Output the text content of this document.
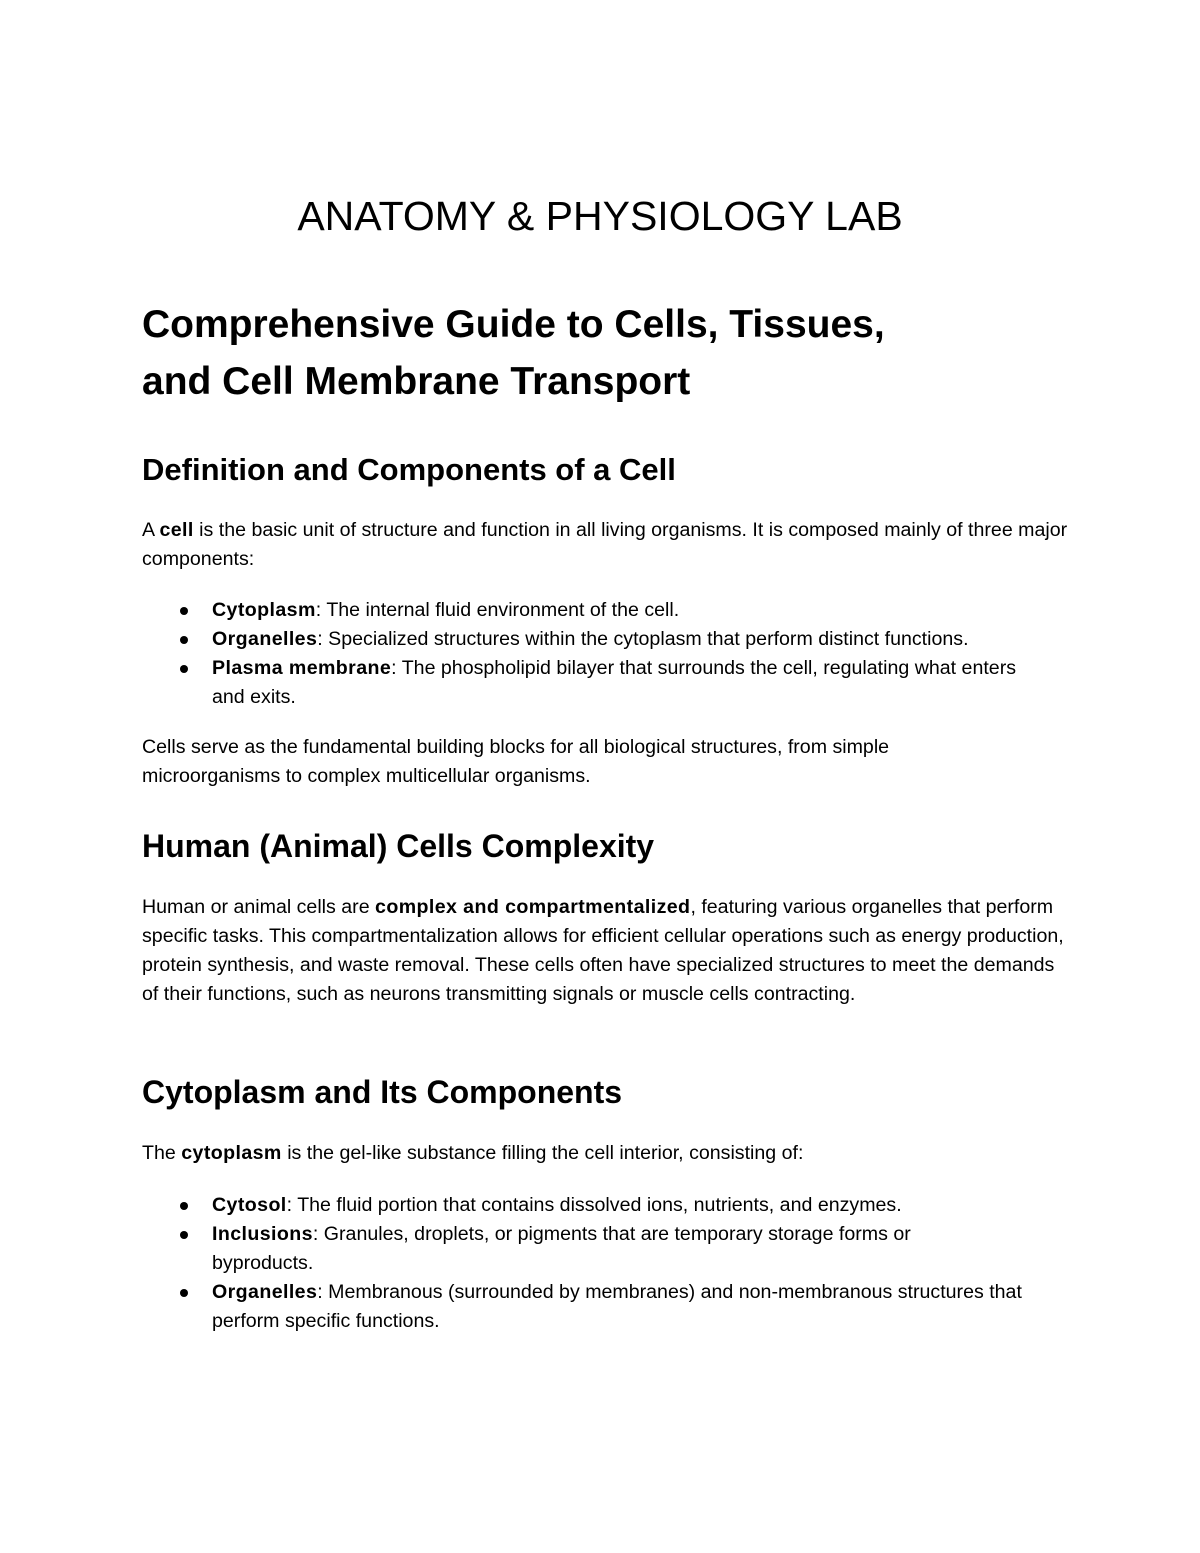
ANATOMY & PHYSIOLOGY LAB
Comprehensive Guide to Cells, Tissues,
and Cell Membrane Transport
Definition and Components of a Cell

A cell is the basic unit of structure and function in all living organisms. It is composed mainly of three major components:

Cytoplasm: The internal fluid environment of the cell.
Organelles: Specialized structures within the cytoplasm that perform distinct functions.
Plasma membrane: The phospholipid bilayer that surrounds the cell, regulating what enters and exits.

Cells serve as the fundamental building blocks for all biological structures, from simple microorganisms to complex multicellular organisms.

Human (Animal) Cells Complexity

Human or animal cells are complex and compartmentalized, featuring various organelles that perform specific tasks. This compartmentalization allows for efficient cellular operations such as energy production, protein synthesis, and waste removal. These cells often have specialized structures to meet the demands of their functions, such as neurons transmitting signals or muscle cells contracting.

Cytoplasm and Its Components

The cytoplasm is the gel-like substance filling the cell interior, consisting of:

Cytosol: The fluid portion that contains dissolved ions, nutrients, and enzymes.
Inclusions: Granules, droplets, or pigments that are temporary storage forms or byproducts.
Organelles: Membranous (surrounded by membranes) and non-membranous structures that perform specific functions.
